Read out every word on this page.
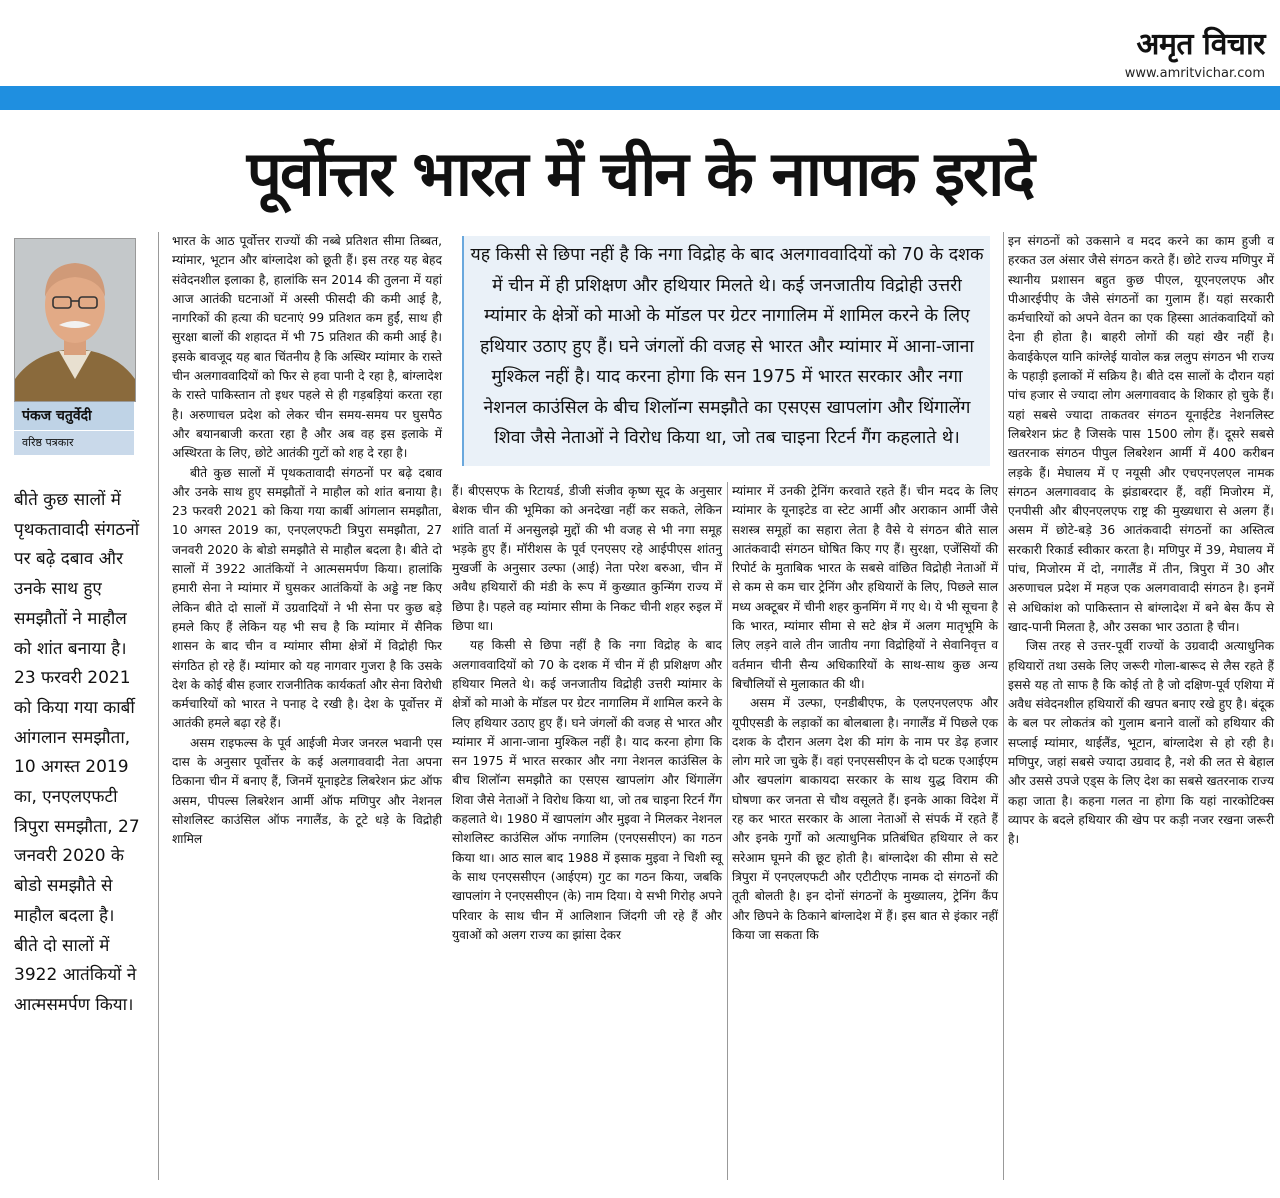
अमृत विचार
www.amritvichar.com
पूर्वोत्तर भारत में चीन के नापाक इरादे
पंकज चतुर्वेदी
वरिष्ठ पत्रकार
बीते कुछ सालों में पृथकतावादी संगठनों पर बढ़े दबाव और उनके साथ हुए समझौतों ने माहौल को शांत बनाया है। 23 फरवरी 2021 को किया गया कार्बी आंगलान समझौता, 10 अगस्त 2019 का, एनएलएफटी त्रिपुरा समझौता, 27 जनवरी 2020 के बोडो समझौते से माहौल बदला है। बीते दो सालों में 3922 आतंकियों ने आत्मसमर्पण किया।

भारत के आठ पूर्वोत्तर राज्यों की नब्बे प्रतिशत सीमा तिब्बत, म्यांमार, भूटान और बांग्लादेश को छूती हैं। इस तरह यह बेहद संवेदनशील इलाका है, हालांकि सन 2014 की तुलना में यहां आज आतंकी घटनाओं में अस्सी फीसदी की कमी आई है, नागरिकों की हत्या की घटनाएं 99 प्रतिशत कम हुईं, साथ ही सुरक्षा बालों की शहादत में भी 75 प्रतिशत की कमी आई है। इसके बावजूद यह बात चिंतनीय है कि अस्थिर म्यांमार के रास्ते चीन अलगाववादियों को फिर से हवा पानी दे रहा है, बांग्लादेश के रास्ते पाकिस्तान तो इधर पहले से ही गड़बड़ियां करता रहा है। अरुणाचल प्रदेश को लेकर चीन समय-समय पर घुसपैठ और बयानबाजी करता रहा है और अब वह इस इलाके में अस्थिरता के लिए, छोटे आतंकी गुटों को शह दे रहा है।

बीते कुछ सालों में पृथकतावादी संगठनों पर बढ़े दबाव और उनके साथ हुए समझौतों ने माहौल को शांत बनाया है। 23 फरवरी 2021 को किया गया कार्बी आंगलान समझौता, 10 अगस्त 2019 का, एनएलएफटी त्रिपुरा समझौता, 27 जनवरी 2020 के बोडो समझौते से माहौल बदला है। बीते दो सालों में 3922 आतंकियों ने आत्मसमर्पण किया। हालांकि हमारी सेना ने म्यांमार में घुसकर आतंकियों के अड्डे नष्ट किए लेकिन बीते दो सालों में उग्रवादियों ने भी सेना पर कुछ बड़े हमले किए हैं लेकिन यह भी सच है कि म्यांमार में सैनिक शासन के बाद चीन व म्यांमार सीमा क्षेत्रों में विद्रोही फिर संगठित हो रहे हैं। म्यांमार को यह नागवार गुजरा है कि उसके देश के कोई बीस हजार राजनीतिक कार्यकर्ता और सेना विरोधी कर्मचारियों को भारत ने पनाह दे रखी है। देश के पूर्वोत्तर में आतंकी हमले बढ़ा रहे हैं।

असम राइफल्स के पूर्व आईजी मेजर जनरल भवानी एस दास के अनुसार पूर्वोत्तर के कई अलगाववादी नेता अपना ठिकाना चीन में बनाए हैं, जिनमें यूनाइटेड लिबरेशन फ्रंट ऑफ असम, पीपल्स लिबरेशन आर्मी ऑफ मणिपुर और नेशनल सोशलिस्ट काउंसिल ऑफ नगालैंड, के टूटे धड़े के विद्रोही शामिल

यह किसी से छिपा नहीं है कि नगा विद्रोह के बाद अलगाववादियों को 70 के दशक में चीन में ही प्रशिक्षण और हथियार मिलते थे। कई जनजातीय विद्रोही उत्तरी म्यांमार के क्षेत्रों को माओ के मॉडल पर ग्रेटर नागालिम में शामिल करने के लिए हथियार उठाए हुए हैं। घने जंगलों की वजह से भारत और म्यांमार में आना-जाना मुश्किल नहीं है। याद करना होगा कि सन 1975 में भारत सरकार और नगा नेशनल काउंसिल के बीच शिलॉन्ग समझौते का एसएस खापलांग और थिंगालेंग शिवा जैसे नेताओं ने विरोध किया था, जो तब चाइना रिटर्न गैंग कहलाते थे।

हैं। बीएसएफ के रिटायर्ड, डीजी संजीव कृष्ण सूद के अनुसार बेशक चीन की भूमिका को अनदेखा नहीं कर सकते, लेकिन शांति वार्ता में अनसुलझे मुद्दों की भी वजह से भी नगा समूह भड़के हुए हैं। मॉरीशस के पूर्व एनएसए रहे आईपीएस शांतनु मुखर्जी के अनुसार उल्फा (आई) नेता परेश बरुआ, चीन में अवैध हथियारों की मंडी के रूप में कुख्यात कुन्मिंग राज्य में छिपा है। पहले वह म्यांमार सीमा के निकट चीनी शहर रुइल में छिपा था।

यह किसी से छिपा नहीं है कि नगा विद्रोह के बाद अलगाववादियों को 70 के दशक में चीन में ही प्रशिक्षण और हथियार मिलते थे। कई जनजातीय विद्रोही उत्तरी म्यांमार के क्षेत्रों को माओ के मॉडल पर ग्रेटर नागालिम में शामिल करने के लिए हथियार उठाए हुए हैं। घने जंगलों की वजह से भारत और म्यांमार में आना-जाना मुश्किल नहीं है। याद करना होगा कि सन 1975 में भारत सरकार और नगा नेशनल काउंसिल के बीच शिलॉन्ग समझौते का एसएस खापलांग और थिंगालेंग शिवा जैसे नेताओं ने विरोध किया था, जो तब चाइना रिटर्न गैंग कहलाते थे। 1980 में खापलांग और मुइवा ने मिलकर नेशनल सोशलिस्ट काउंसिल ऑफ नगालिम (एनएससीएन) का गठन किया था। आठ साल बाद 1988 में इसाक मुइवा ने चिशी स्वू के साथ एनएससीएन (आईएम) गुट का गठन किया, जबकि खापलांग ने एनएससीएन (के) नाम दिया। ये सभी गिरोह अपने परिवार के साथ चीन में आलिशान जिंदगी जी रहे हैं और युवाओं को अलग राज्य का झांसा देकर

म्यांमार में उनकी ट्रेनिंग करवाते रहते हैं। चीन मदद के लिए म्यांमार के यूनाइटेड वा स्टेट आर्मी और अराकान आर्मी जैसे सशस्त्र समूहों का सहारा लेता है वैसे ये संगठन बीते साल आतंकवादी संगठन घोषित किए गए हैं। सुरक्षा, एजेंसियों की रिपोर्ट के मुताबिक भारत के सबसे वांछित विद्रोही नेताओं में से कम से कम चार ट्रेनिंग और हथियारों के लिए, पिछले साल मध्य अक्टूबर में चीनी शहर कुनमिंग में गए थे। ये भी सूचना है कि भारत, म्यांमार सीमा से सटे क्षेत्र में अलग मातृभूमि के लिए लड़ने वाले तीन जातीय नगा विद्रोहियों ने सेवानिवृत्त व वर्तमान चीनी सैन्य अधिकारियों के साथ-साथ कुछ अन्य बिचौलियों से मुलाकात की थी।

असम में उल्फा, एनडीबीएफ, के एलएनएलएफ और यूपीएसडी के लड़ाकों का बोलबाला है। नगालैंड में पिछले एक दशक के दौरान अलग देश की मांग के नाम पर डेढ़ हजार लोग मारे जा चुके हैं। वहां एनएससीएन के दो घटक एआईएम और खपलांग बाकायदा सरकार के साथ युद्ध विराम की घोषणा कर जनता से चौथ वसूलते हैं। इनके आका विदेश में रह कर भारत सरकार के आला नेताओं से संपर्क में रहते हैं और इनके गुर्गों को अत्याधुनिक प्रतिबंधित हथियार ले कर सरेआम घूमने की छूट होती है। बांग्लादेश की सीमा से सटे त्रिपुरा में एनएलएफटी और एटीटीएफ नामक दो संगठनों की तूती बोलती है। इन दोनों संगठनों के मुख्यालय, ट्रेनिंग कैंप और छिपने के ठिकाने बांग्लादेश में हैं। इस बात से इंकार नहीं किया जा सकता कि

इन संगठनों को उकसाने व मदद करने का काम हुजी व हरकत उल अंसार जैसे संगठन करते हैं। छोटे राज्य मणिपुर में स्थानीय प्रशासन बहुत कुछ पीएल, यूएनएलएफ और पीआरईपीए के जैसे संगठनों का गुलाम हैं। यहां सरकारी कर्मचारियों को अपने वेतन का एक हिस्सा आतंकवादियों को देना ही होता है। बाहरी लोगों की यहां खैर नहीं है। केवाईकेएल यानि कांग्लेई यावोल कन्न ललुप संगठन भी राज्य के पहाड़ी इलाकों में सक्रिय है। बीते दस सालों के दौरान यहां पांच हजार से ज्यादा लोग अलगाववाद के शिकार हो चुके हैं। यहां सबसे ज्यादा ताकतवर संगठन यूनाईटेड नेशनलिस्ट लिबरेशन फ्रंट है जिसके पास 1500 लोग हैं। दूसरे सबसे खतरनाक संगठन पीपुल लिबरेशन आर्मी में 400 करीबन लड़के हैं। मेघालय में ए नयूसी और एचएनएलएल नामक संगठन अलगाववाद के झंडाबरदार हैं, वहीं मिजोरम में, एनपीसी और बीएनएलएफ राष्ट्र की मुख्यधारा से अलग हैं। असम में छोटे-बड़े 36 आतंकवादी संगठनों का अस्तित्व सरकारी रिकार्ड स्वीकार करता है। मणिपुर में 39, मेघालय में पांच, मिजोरम में दो, नगालैंड में तीन, त्रिपुरा में 30 और अरुणाचल प्रदेश में महज एक अलगवावादी संगठन है। इनमें से अधिकांश को पाकिस्तान से बांग्लादेश में बने बेस कैंप से खाद-पानी मिलता है, और उसका भार उठाता है चीन।

जिस तरह से उत्तर-पूर्वी राज्यों के उग्रवादी अत्याधुनिक हथियारों तथा उसके लिए जरूरी गोला-बारूद से लैस रहते हैं इससे यह तो साफ है कि कोई तो है जो दक्षिण-पूर्व एशिया में अवैध संवेदनशील हथियारों की खपत बनाए रखे हुए है। बंदूक के बल पर लोकतंत्र को गुलाम बनाने वालों को हथियार की सप्लाई म्यांमार, थाईलैंड, भूटान, बांग्लादेश से हो रही है। मणिपुर, जहां सबसे ज्यादा उग्रवाद है, नशे की लत से बेहाल और उससे उपजे एड्स के लिए देश का सबसे खतरनाक राज्य कहा जाता है। कहना गलत ना होगा कि यहां नारकोटिक्स व्यापर के बदले हथियार की खेप पर कड़ी नजर रखना जरूरी है।
